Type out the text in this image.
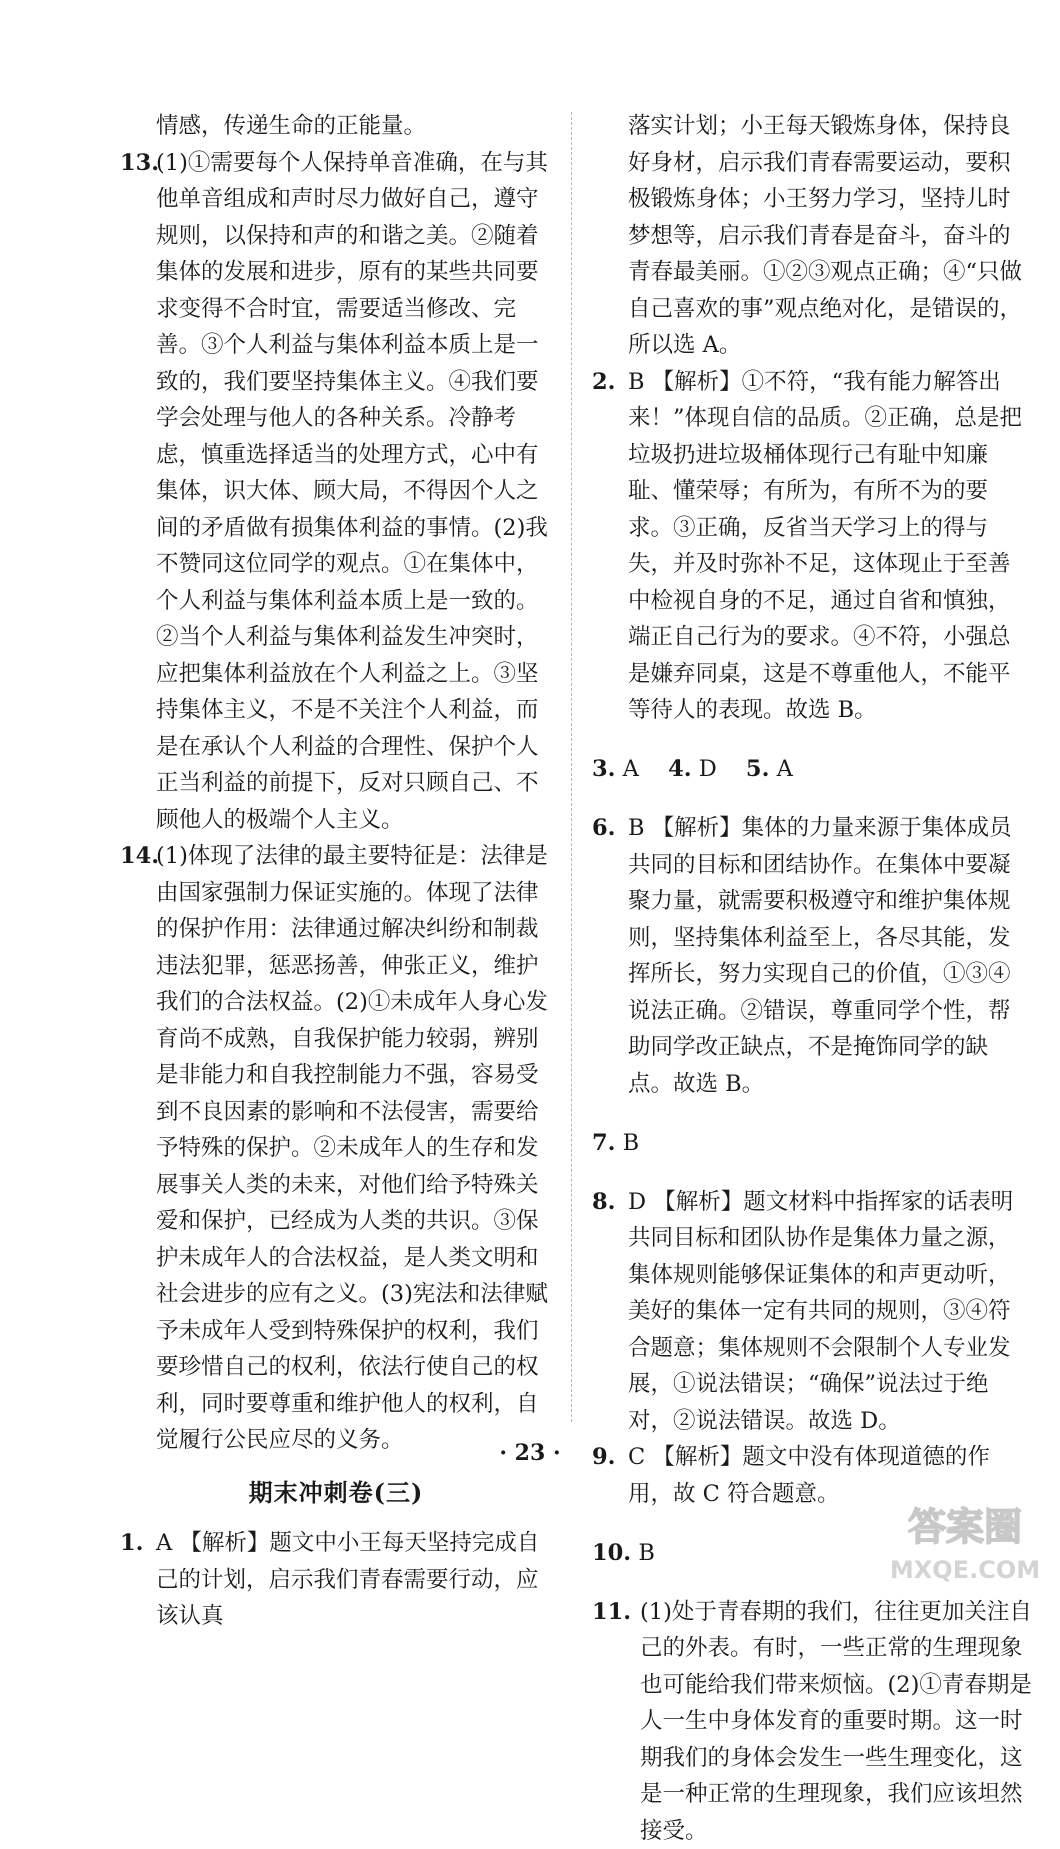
情感，传递生命的正能量。

13.
(1)①需要每个人保持单音准确，在与其他单音组成和声时尽力做好自己，遵守规则，以保持和声的和谐之美。②随着集体的发展和进步，原有的某些共同要求变得不合时宜，需要适当修改、完善。③个人利益与集体利益本质上是一致的，我们要坚持集体主义。④我们要学会处理与他人的各种关系。冷静考虑，慎重选择适当的处理方式，心中有集体，识大体、顾大局，不得因个人之间的矛盾做有损集体利益的事情。(2)我不赞同这位同学的观点。①在集体中，个人利益与集体利益本质上是一致的。②当个人利益与集体利益发生冲突时，应把集体利益放在个人利益之上。③坚持集体主义，不是不关注个人利益，而是在承认个人利益的合理性、保护个人正当利益的前提下，反对只顾自己、不顾他人的极端个人主义。

14.
(1)体现了法律的最主要特征是：法律是由国家强制力保证实施的。体现了法律的保护作用：法律通过解决纠纷和制裁违法犯罪，惩恶扬善，伸张正义，维护我们的合法权益。(2)①未成年人身心发育尚不成熟，自我保护能力较弱，辨别是非能力和自我控制能力不强，容易受到不良因素的影响和不法侵害，需要给予特殊的保护。②未成年人的生存和发展事关人类的未来，对他们给予特殊关爱和保护，已经成为人类的共识。③保护未成年人的合法权益，是人类文明和社会进步的应有之义。(3)宪法和法律赋予未成年人受到特殊保护的权利，我们要珍惜自己的权利，依法行使自己的权利，同时要尊重和维护他人的权利，自觉履行公民应尽的义务。

期末冲刺卷(三)

1. A 【解析】题文中小王每天坚持完成自己的计划，启示我们青春需要行动，应该认真

落实计划；小王每天锻炼身体，保持良好身材，启示我们青春需要运动，要积极锻炼身体；小王努力学习，坚持儿时梦想等，启示我们青春是奋斗，奋斗的青春最美丽。①②③观点正确；④“只做自己喜欢的事”观点绝对化，是错误的，所以选 A。

2. B 【解析】①不符，“我有能力解答出来！”体现自信的品质。②正确，总是把垃圾扔进垃圾桶体现行己有耻中知廉耻、懂荣辱；有所为，有所不为的要求。③正确，反省当天学习上的得与失，并及时弥补不足，这体现止于至善中检视自身的不足，通过自省和慎独，端正自己行为的要求。④不符，小强总是嫌弃同桌，这是不尊重他人，不能平等待人的表现。故选 B。

3. A 4. D 5. A

6. B 【解析】集体的力量来源于集体成员共同的目标和团结协作。在集体中要凝聚力量，就需要积极遵守和维护集体规则，坚持集体利益至上，各尽其能，发挥所长，努力实现自己的价值，①③④说法正确。②错误，尊重同学个性，帮助同学改正缺点，不是掩饰同学的缺点。故选 B。

7. B

8. D 【解析】题文材料中指挥家的话表明共同目标和团队协作是集体力量之源，集体规则能够保证集体的和声更动听，美好的集体一定有共同的规则，③④符合题意；集体规则不会限制个人专业发展，①说法错误；“确保”说法过于绝对，②说法错误。故选 D。

9. C 【解析】题文中没有体现道德的作用，故 C 符合题意。

10. B

11. (1)处于青春期的我们，往往更加关注自己的外表。有时，一些正常的生理现象也可能给我们带来烦恼。(2)①青春期是人一生中身体发育的重要时期。这一时期我们的身体会发生一些生理变化，这是一种正常的生理现象，我们应该坦然接受。

· 23 ·
答案圈
MXQE.COM
